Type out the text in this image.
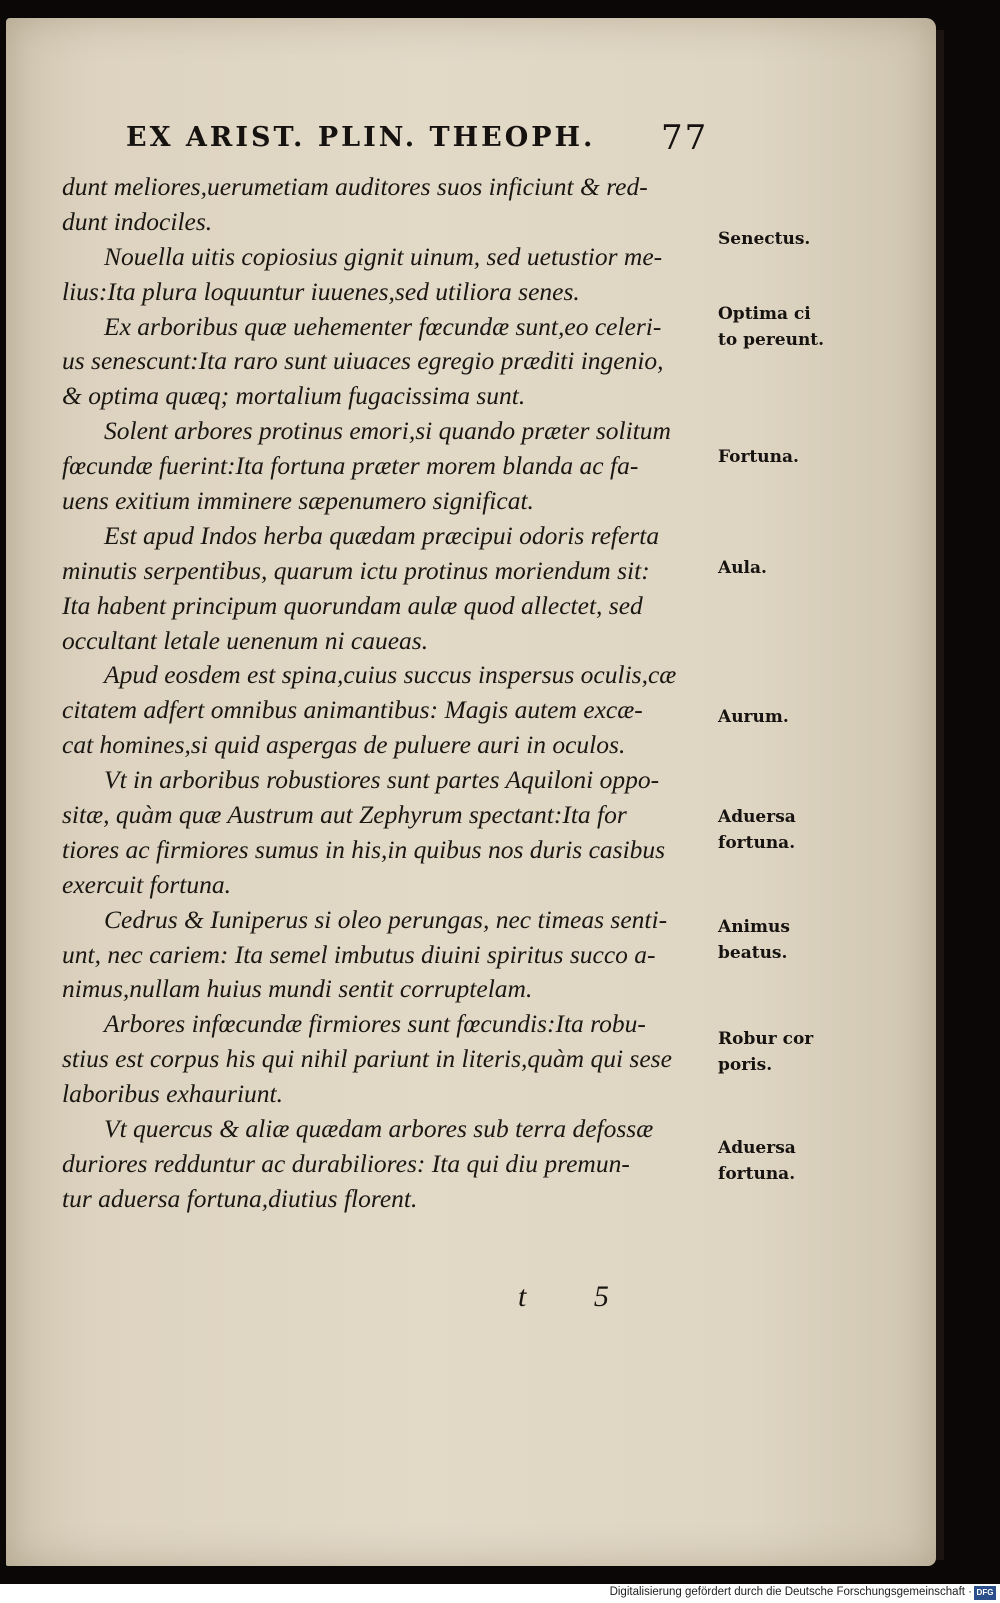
EX ARIST. PLIN. THEOPH. 77
dunt meliores,uerumetiam auditores suos inficiunt & red-
dunt indociles.
Nouella uitis copiosius gignit uinum, sed uetustior me-
lius:Ita plura loquuntur iuuenes,sed utiliora senes.
Ex arboribus quæ uehementer fœcundæ sunt,eo celeri-
us senescunt:Ita raro sunt uiuaces egregio præditi ingenio,
& optima quæq; mortalium fugacissima sunt.
Solent arbores protinus emori,si quando præter solitum
fœcundæ fuerint:Ita fortuna præter morem blanda ac fa-
uens exitium imminere sæpenumero significat.
Est apud Indos herba quædam præcipui odoris referta
minutis serpentibus, quarum ictu protinus moriendum sit:
Ita habent principum quorundam aulæ quod allectet, sed
occultant letale uenenum ni caueas.
Apud eosdem est spina,cuius succus inspersus oculis,cæ
citatem adfert omnibus animantibus: Magis autem excæ-
cat homines,si quid aspergas de puluere auri in oculos.
Vt in arboribus robustiores sunt partes Aquiloni oppo-
sitæ, quàm quæ Austrum aut Zephyrum spectant:Ita for
tiores ac firmiores sumus in his,in quibus nos duris casibus
exercuit fortuna.
Cedrus & Iuniperus si oleo perungas, nec timeas senti-
unt, nec cariem: Ita semel imbutus diuini spiritus succo a-
nimus,nullam huius mundi sentit corruptelam.
Arbores infœcundæ firmiores sunt fœcundis:Ita robu-
stius est corpus his qui nihil pariunt in literis,quàm qui sese
laboribus exhauriunt.
Vt quercus & aliæ quædam arbores sub terra defossæ
duriores redduntur ac durabiliores: Ita qui diu premun-
tur aduersa fortuna,diutius florent.
Senectus.
Optima ci
to pereunt.
Fortuna.
Aula.
Aurum.
Aduersa
fortuna.
Animus
beatus.
Robur cor
poris.
Aduersa
fortuna.
t 5
Digitalisierung gefördert durch die Deutsche Forschungsgemeinschaft · DFG
